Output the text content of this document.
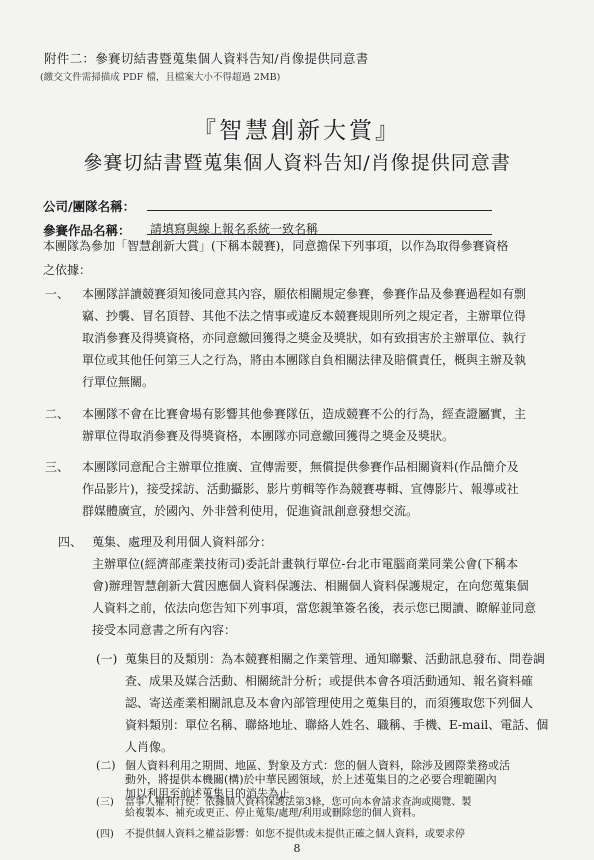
附件二：參賽切結書暨蒐集個人資料告知/肖像提供同意書
(繳交文件需掃描成 PDF 檔，且檔案大小不得超過 2MB)
『智慧創新大賞』
參賽切結書暨蒐集個人資料告知/肖像提供同意書
公司/團隊名稱：
參賽作品名稱： 請填寫與線上報名系統一致名稱
本團隊為參加「智慧創新大賞」(下稱本競賽)，同意擔保下列事項，以作為取得參賽資格
之依據：
一、 本團隊詳讀競賽須知後同意其內容，願依相關規定參賽，參賽作品及參賽過程如有剽
竊、抄襲、冒名頂替、其他不法之情事或違反本競賽規則所列之規定者，主辦單位得
取消參賽及得獎資格，亦同意繳回獲得之獎金及獎狀，如有致損害於主辦單位、執行
單位或其他任何第三人之行為，將由本團隊自負相關法律及賠償責任，概與主辦及執
行單位無關。
二、 本團隊不會在比賽會場有影響其他參賽隊伍，造成競賽不公的行為，經查證屬實，主
辦單位得取消參賽及得獎資格，本團隊亦同意繳回獲得之獎金及獎狀。
三、 本團隊同意配合主辦單位推廣、宣傳需要，無償提供參賽作品相關資料(作品簡介及
作品影片)，接受採訪、活動攝影、影片剪輯等作為競賽專輯、宣傳影片、報導或社
群媒體廣宣，於國內、外非營利使用，促進資訊創意發想交流。
四、 蒐集、處理及利用個人資料部分：
主辦單位(經濟部產業技術司)委託計畫執行單位-台北市電腦商業同業公會(下稱本
會)辦理智慧創新大賞因應個人資料保護法、相關個人資料保護規定，在向您蒐集個
人資料之前，依法向您告知下列事項，當您親筆簽名後，表示您已閱讀、瞭解並同意
接受本同意書之所有內容：
(一) 蒐集目的及類別：為本競賽相關之作業管理、通知聯繫、活動訊息發布、問卷調
查、成果及媒合活動、相關統計分析；或提供本會各項活動通知、報名資料確
認、寄送產業相關訊息及本會內部管理使用之蒐集目的，而須獲取您下列個人
資料類別：單位名稱、聯絡地址、聯絡人姓名、職稱、手機、E-mail、電話、個
人肖像。
(二) 個人資料利用之期間、地區、對象及方式：您的個人資料，除涉及國際業務或活
動外，將提供本機關(構)於中華民國領域，於上述蒐集目的之必要合理範圍內
加以利用至前述蒐集目的消失為止。
(三) 當事人權利行使：依據個人資料保護法第3條，您可向本會請求查詢或閱覽、製
給複製本、補充或更正、停止蒐集/處理/利用或刪除您的個人資料。
(四) 不提供個人資料之權益影響：如您不提供或未提供正確之個人資料，或要求停
8
